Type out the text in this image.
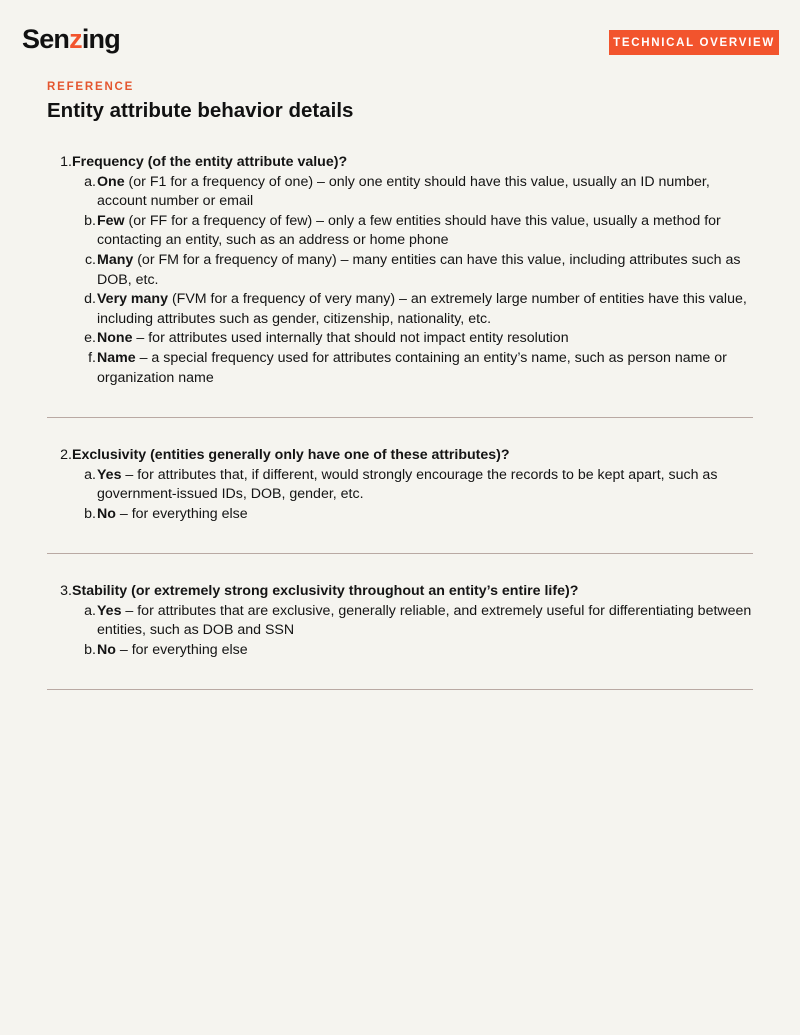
Senzing	TECHNICAL OVERVIEW
REFERENCE
Entity attribute behavior details
1. Frequency (of the entity attribute value)?
a. One (or F1 for a frequency of one) – only one entity should have this value, usually an ID number, account number or email
b. Few (or FF for a frequency of few) – only a few entities should have this value, usually a method for contacting an entity, such as an address or home phone
c. Many (or FM for a frequency of many) – many entities can have this value, including attributes such as DOB, etc.
d. Very many (FVM for a frequency of very many) – an extremely large number of entities have this value, including attributes such as gender, citizenship, nationality, etc.
e. None – for attributes used internally that should not impact entity resolution
f. Name – a special frequency used for attributes containing an entity’s name, such as person name or organization name
2. Exclusivity (entities generally only have one of these attributes)?
a. Yes – for attributes that, if different, would strongly encourage the records to be kept apart, such as government-issued IDs, DOB, gender, etc.
b. No – for everything else
3. Stability (or extremely strong exclusivity throughout an entity’s entire life)?
a. Yes – for attributes that are exclusive, generally reliable, and extremely useful for differentiating between entities, such as DOB and SSN
b. No – for everything else
